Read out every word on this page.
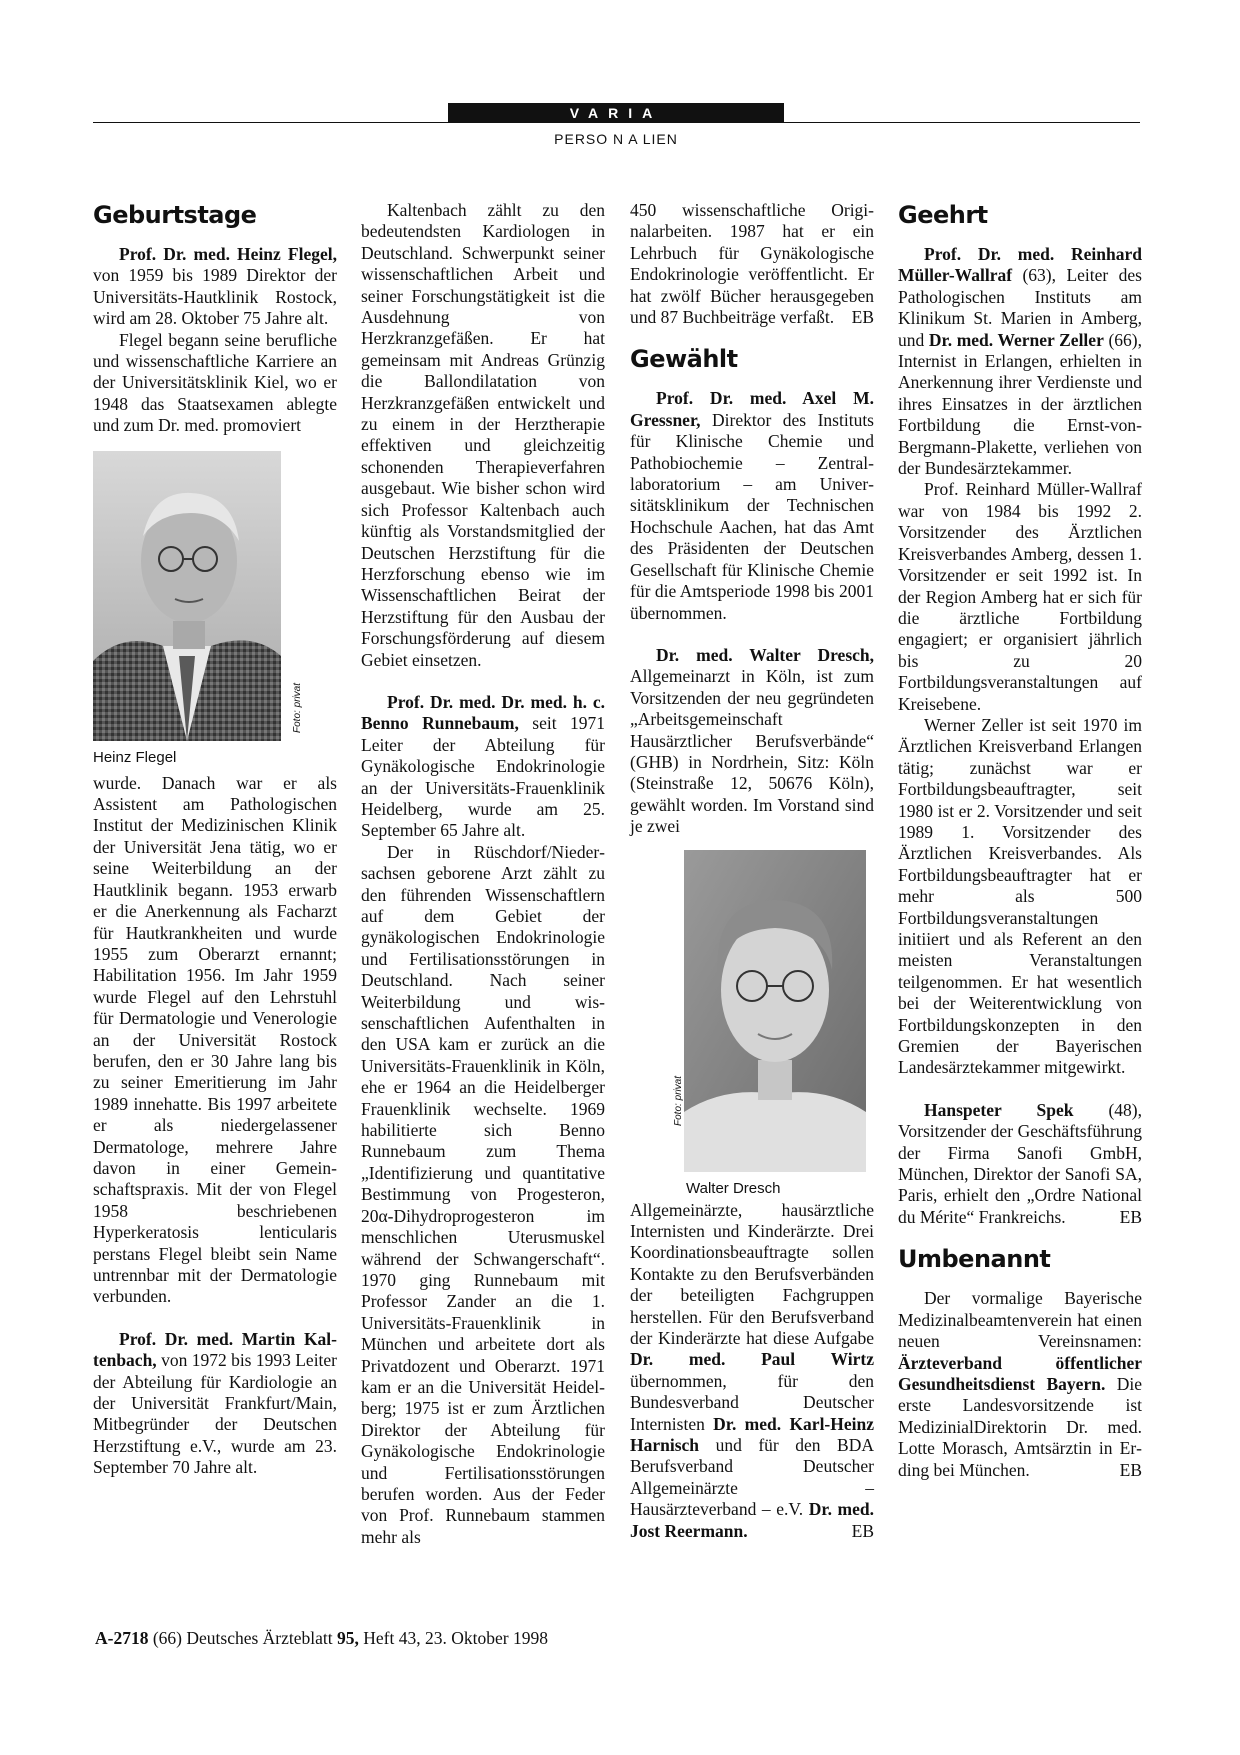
VARIA
PERSO N A LIEN
Geburtstage

Prof. Dr. med. Heinz Flegel, von 1959 bis 1989 Direktor der Universitäts-Hautklinik Rostock, wird am 28. Oktober 75 Jahre alt.

Flegel begann seine berufliche und wissenschaftliche Karriere an der Universitätsklinik Kiel, wo er 1948 das Staatsexamen ablegte und zum Dr. med. promoviert

Foto: privat
Heinz Flegel

wurde. Danach war er als Assistent am Pathologischen Institut der Medizinischen Klinik der Universität Jena tätig, wo er seine Weiterbildung an der Hautklinik begann. 1953 erwarb er die Anerkennung als Facharzt für Hautkrankheiten und wurde 1955 zum Oberarzt ernannt; Habilitation 1956. Im Jahr 1959 wurde Flegel auf den Lehrstuhl für Dermatologie und Venerologie an der Universität Rostock berufen, den er 30 Jahre lang bis zu seiner Emeritierung im Jahr 1989 innehatte. Bis 1997 arbeitete er als niedergelassener Dermatologe, mehrere Jahre davon in einer Gemeinschaftspraxis. Mit der von Flegel 1958 beschriebenen Hyperkeratosis lenticularis perstans Flegel bleibt sein Name untrennbar mit der Dermatologie verbunden.

Prof. Dr. med. Martin Kaltenbach, von 1972 bis 1993 Leiter der Abteilung für Kardiologie an der Universität Frankfurt/Main, Mitbegründer der Deutschen Herzstiftung e.V., wurde am 23. September 70 Jahre alt.

Kaltenbach zählt zu den bedeutendsten Kardiologen in Deutschland. Schwerpunkt seiner wissenschaftlichen Arbeit und seiner Forschungstätigkeit ist die Ausdehnung von Herzkranzgefäßen. Er hat gemeinsam mit Andreas Grünzig die Ballondilatation von Herzkranzgefäßen entwickelt und zu einem in der Herztherapie effektiven und gleichzeitig schonenden Therapieverfahren ausgebaut. Wie bisher schon wird sich Professor Kaltenbach auch künftig als Vorstandsmitglied der Deutschen Herzstiftung für die Herzforschung ebenso wie im Wissenschaftlichen Beirat der Herzstiftung für den Ausbau der Forschungsförderung auf diesem Gebiet einsetzen.

Prof. Dr. med. Dr. med. h. c. Benno Runnebaum, seit 1971 Leiter der Abteilung für Gynäkologische Endokrinologie an der Universitäts-Frauenklinik Heidelberg, wurde am 25. September 65 Jahre alt.

Der in Rüschdorf/Niedersachsen geborene Arzt zählt zu den führenden Wissenschaftlern auf dem Gebiet der gynäkologischen Endokrinologie und Fertilisationsstörungen in Deutschland. Nach seiner Weiterbildung und wissenschaftlichen Aufenthalten in den USA kam er zurück an die Universitäts-Frauenklinik in Köln, ehe er 1964 an die Heidelberger Frauenklinik wechselte. 1969 habilitierte sich Benno Runnebaum zum Thema „Identifizierung und quantitative Bestimmung von Progesteron, 20α-Dihydroprogesteron im menschlichen Uterusmuskel während der Schwangerschaft“. 1970 ging Runnebaum mit Professor Zander an die 1. Universitäts-Frauenklinik in München und arbeitete dort als Privatdozent und Oberarzt. 1971 kam er an die Universität Heidelberg; 1975 ist er zum Ärztlichen Direktor der Abteilung für Gynäkologische Endokrinologie und Fertilisationsstörungen berufen worden. Aus der Feder von Prof. Runnebaum stammen mehr als

450 wissenschaftliche Originalarbeiten. 1987 hat er ein Lehrbuch für Gynäkologische Endokrinologie veröffentlicht. Er hat zwölf Bücher herausgegeben und 87 Buchbeiträge verfaßt. EB

Gewählt

Prof. Dr. med. Axel M. Gressner, Direktor des Instituts für Klinische Chemie und Pathobiochemie – Zentrallaboratorium – am Universitätsklinikum der Technischen Hochschule Aachen, hat das Amt des Präsidenten der Deutschen Gesellschaft für Klinische Chemie für die Amtsperiode 1998 bis 2001 übernommen.

Dr. med. Walter Dresch, Allgemeinarzt in Köln, ist zum Vorsitzenden der neu gegründeten „Arbeitsgemeinschaft Hausärztlicher Berufsverbände“ (GHB) in Nordrhein, Sitz: Köln (Steinstraße 12, 50676 Köln), gewählt worden. Im Vorstand sind je zwei

Foto: privat
Walter Dresch

Allgemeinärzte, hausärztliche Internisten und Kinderärzte. Drei Koordinationsbeauftragte sollen Kontakte zu den Berufsverbänden der beteiligten Fachgruppen herstellen. Für den Berufsverband der Kinderärzte hat diese Aufgabe Dr. med. Paul Wirtz übernommen, für den Bundesverband Deutscher Internisten Dr. med. Karl-Heinz Harnisch und für den BDA Berufsverband Deutscher Allgemeinärzte – Hausärzteverband – e.V. Dr. med. Jost Reermann.	EB

Geehrt

Prof. Dr. med. Reinhard Müller-Wallraf (63), Leiter des Pathologischen Instituts am Klinikum St. Marien in Amberg, und Dr. med. Werner Zeller (66), Internist in Erlangen, erhielten in Anerkennung ihrer Verdienste und ihres Einsatzes in der ärztlichen Fortbildung die Ernst-von-Bergmann-Plakette, verliehen von der Bundesärztekammer.

Prof. Reinhard Müller-Wallraf war von 1984 bis 1992 2. Vorsitzender des Ärztlichen Kreisverbandes Amberg, dessen 1. Vorsitzender er seit 1992 ist. In der Region Amberg hat er sich für die ärztliche Fortbildung engagiert; er organisiert jährlich bis zu 20 Fortbildungsveranstaltungen auf Kreisebene.

Werner Zeller ist seit 1970 im Ärztlichen Kreisverband Erlangen tätig; zunächst war er Fortbildungsbeauftragter, seit 1980 ist er 2. Vorsitzender und seit 1989 1. Vorsitzender des Ärztlichen Kreisverbandes. Als Fortbildungsbeauftragter hat er mehr als 500 Fortbildungsveranstaltungen initiiert und als Referent an den meisten Veranstaltungen teilgenommen. Er hat wesentlich bei der Weiterentwicklung von Fortbildungskonzepten in den Gremien der Bayerischen Landesärztekammer mitgewirkt.

Hanspeter Spek (48), Vorsitzender der Geschäftsführung der Firma Sanofi GmbH, München, Direktor der Sanofi SA, Paris, erhielt den „Ordre National du Mérite“ Frankreichs.	EB

Umbenannt

Der vormalige Bayerische Medizinalbeamtenverein hat einen neuen Vereinsnamen: Ärzteverband öffentlicher Gesundheitsdienst Bayern. Die erste Landesvorsitzende ist MedizinialDirektorin Dr. med. Lotte Morasch, Amtsärztin in Erding bei München.	EB

A-2718 (66) Deutsches Ärzteblatt 95, Heft 43, 23. Oktober 1998
